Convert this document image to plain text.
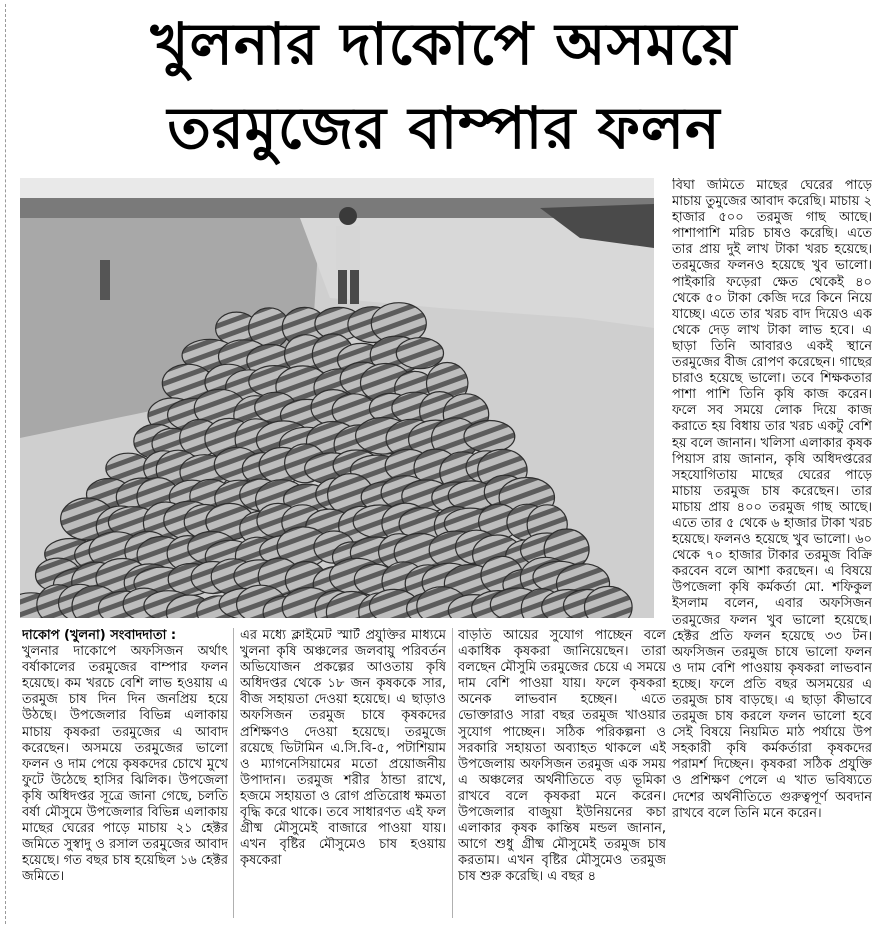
খুলনার দাকোপে অসময়ে
তরমুজের বাম্পার ফলন

দাকোপ (খুলনা) সংবাদদাতা :
খুলনার দাকোপে অফসিজন অর্থাৎ বর্ষাকালের তরমুজের বাম্পার ফলন হয়েছে। কম খরচে বেশি লাভ হওয়ায় এ তরমুজ চাষ দিন দিন জনপ্রিয় হয়ে উঠছে। উপজেলার বিভিন্ন এলাকায় মাচায় কৃষকরা তরমুজের এ আবাদ করেছেন। অসময়ে তরমুজের ভালো ফলন ও দাম পেয়ে কৃষকদের চোখে মুখে ফুটে উঠেছে হাসির ঝিলিক। উপজেলা কৃষি অধিদপ্তর সূত্রে জানা গেছে, চলতি বর্ষা মৌসুমে উপজেলার বিভিন্ন এলাকায় মাছের ঘেরের পাড়ে মাচায় ২১ হেক্টর জমিতে সুস্বাদু ও রসাল তরমুজের আবাদ হয়েছে। গত বছর চাষ হয়েছিল ১৬ হেক্টর জমিতে।

এর মধ্যে ক্লাইমেট স্মার্ট প্রযুক্তির মাধ্যমে খুলনা কৃষি অঞ্চলের জলবায়ু পরিবর্তন অভিযোজন প্রকল্পের আওতায় কৃষি অধিদপ্তর থেকে ১৮ জন কৃষককে সার, বীজ সহায়তা দেওয়া হয়েছে। এ ছাড়াও অফসিজন তরমুজ চাষে কৃষকদের প্রশিক্ষণও দেওয়া হয়েছে। তরমুজে রয়েছে ভিটামিন এ.সি.বি-৫, পটাশিয়াম ও ম্যাগনেসিয়ামের মতো প্রয়োজনীয় উপাদান। তরমুজ শরীর ঠান্ডা রাখে, হজমে সহায়তা ও রোগ প্রতিরোধ ক্ষমতা বৃদ্ধি করে থাকে। তবে সাধারণত এই ফল গ্রীষ্ম মৌসুমেই বাজারে পাওয়া যায়। এখন বৃষ্টির মৌসুমেও চাষ হওয়ায় কৃষকেরা

বাড়তি আয়ের সুযোগ পাচ্ছেন বলে একাধিক কৃষকরা জানিয়েছেন। তারা বলছেন মৌসুমি তরমুজের চেয়ে এ সময়ে দাম বেশি পাওয়া যায়। ফলে কৃষকরা অনেক লাভবান হচ্ছেন। এতে ভোক্তারাও সারা বছর তরমুজ খাওয়ার সুযোগ পাচ্ছেন। সঠিক পরিকল্পনা ও সরকারি সহায়তা অব্যাহত থাকলে এই উপজেলায় অফসিজন তরমুজ এক সময় এ অঞ্চলের অর্থনীতিতে বড় ভূমিকা রাখবে বলে কৃষকরা মনে করেন। উপজেলার বাজুয়া ইউনিয়নের কচা এলাকার কৃষক কান্তিষ মন্ডল জানান, আগে শুধু গ্রীষ্ম মৌসুমেই তরমুজ চাষ করতাম। এখন বৃষ্টির মৌসুমেও তরমুজ চাষ শুরু করেছি। এ বছর ৪

বিঘা জমিতে মাছের ঘেরের পাড়ে মাচায় তুমুজের আবাদ করেছি। মাচায় ২ হাজার ৫০০ তরমুজ গাছ আছে। পাশাপাশি মরিচ চাষও করেছি। এতে তার প্রায় দুই লাখ টাকা খরচ হয়েছে। তরমুজের ফলনও হয়েছে খুব ভালো। পাইকারি ফড়েরা ক্ষেত থেকেই ৪০ থেকে ৫০ টাকা কেজি দরে কিনে নিয়ে যাচ্ছে। এতে তার খরচ বাদ দিয়েও এক থেকে দেড় লাখ টাকা লাভ হবে। এ ছাড়া তিনি আবারও একই স্থানে তরমুজের বীজ রোপণ করেছেন। গাছের চারাও হয়েছে ভালো। তবে শিক্ষকতার পাশা পাশি তিনি কৃষি কাজ করেন। ফলে সব সময়ে লোক দিয়ে কাজ করাতে হয় বিধায় তার খরচ একটু বেশি হয় বলে জানান। খলিসা এলাকার কৃষক পিয়াস রায় জানান, কৃষি অধিদপ্তরের সহযোগিতায় মাছের ঘেরের পাড়ে মাচায় তরমুজ চাষ করেছেন। তার মাচায় প্রায় ৪০০ তরমুজ গাছ আছে। এতে তার ৫ থেকে ৬ হাজার টাকা খরচ হয়েছে। ফলনও হয়েছে খুব ভালো। ৬০ থেকে ৭০ হাজার টাকার তরমুজ বিক্রি করবেন বলে আশা করছেন। এ বিষয়ে উপজেলা কৃষি কর্মকর্তা মো. শফিকুল ইসলাম বলেন, এবার অফসিজন তরমুজের ফলন খুব ভালো হয়েছে। হেক্টর প্রতি ফলন হয়েছে ৩৩ টন। অফসিজন তরমুজ চাষে ভালো ফলন ও দাম বেশি পাওয়ায় কৃষকরা লাভবান হচ্ছে। ফলে প্রতি বছর অসময়ের এ তরমুজ চাষ বাড়ছে। এ ছাড়া কীভাবে তরমুজ চাষ করলে ফলন ভালো হবে সেই বিষয়ে নিয়মিত মাঠ পর্যায়ে উপ সহকারী কৃষি কর্মকর্তারা কৃষকদের পরামর্শ দিচ্ছেন। কৃষকরা সঠিক প্রযুক্তি ও প্রশিক্ষণ পেলে এ খাত ভবিষ্যতে দেশের অর্থনীতিতে গুরুত্বপূর্ণ অবদান রাখবে বলে তিনি মনে করেন।
